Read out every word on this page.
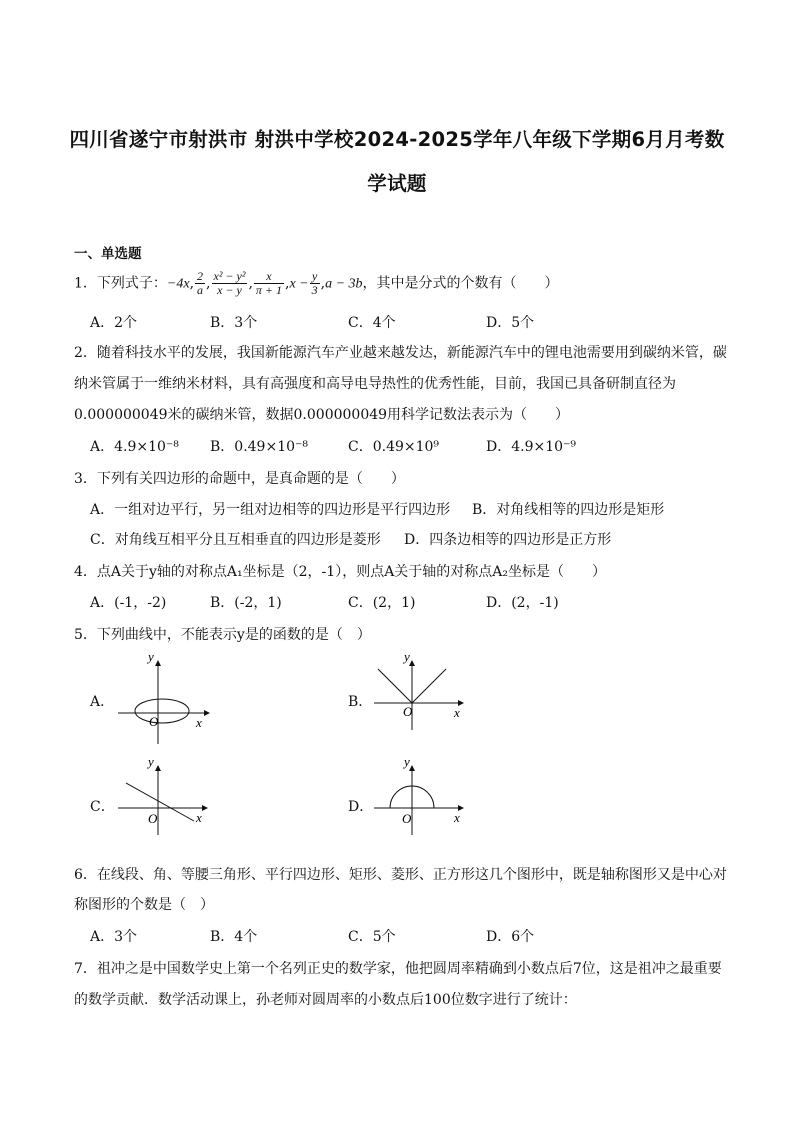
四川省遂宁市射洪市 射洪中学校2024-2025学年八年级下学期6月月考数
学试题
一、单选题
1．下列式子：−4x, $\frac{2}{a}$ , $\frac{\text{x² − y²}}{x - y}$ , $\frac{x}{\pi + 1} ,x - \frac{y}{3} ,a - 3b$，其中是分式的个数有（　　）
A．2个	B．3个	C．4个	D．5个
2．随着科技水平的发展，我国新能源汽车产业越来越发达，新能源汽车中的锂电池需要用到碳纳米管，碳
纳米管属于一维纳米材料，具有高强度和高导电导热性的优秀性能，目前，我国已具备研制直径为
0.000000049米的碳纳米管，数据0.000000049用科学记数法表示为（　　）
A．4.9×10⁻⁸ B．0.49×10⁻⁸	C．0.49×10⁹	D．4.9×10⁻⁹
3．下列有关四边形的命题中，是真命题的是（　　）
A．一组对边平行，另一组对边相等的四边形是平行四边形 B．对角线相等的四边形是矩形
C．对角线互相平分且互相垂直的四边形是菱形 D．四条边相等的四边形是正方形
4．点A关于y轴的对称点A₁坐标是（2，-1），则点A关于轴的对称点A₂坐标是（　　）
A．(-1，-2)	B．(-2，1)	C．(2，1)	D．(2，-1)
5．下列曲线中，不能表示y是的函数的是（　）
A．	B．
C．	D．
y
x
O
y
x
O
y
x
O
y
x
O
6．在线段、角、等腰三角形、平行四边形、矩形、菱形、正方形这几个图形中，既是轴称图形又是中心对
称图形的个数是（　）
A．3个	B．4个	C．5个	D．6个
7．祖冲之是中国数学史上第一个名列正史的数学家，他把圆周率精确到小数点后7位，这是祖冲之最重要
的数学贡献．数学活动课上，孙老师对圆周率的小数点后100位数字进行了统计：
